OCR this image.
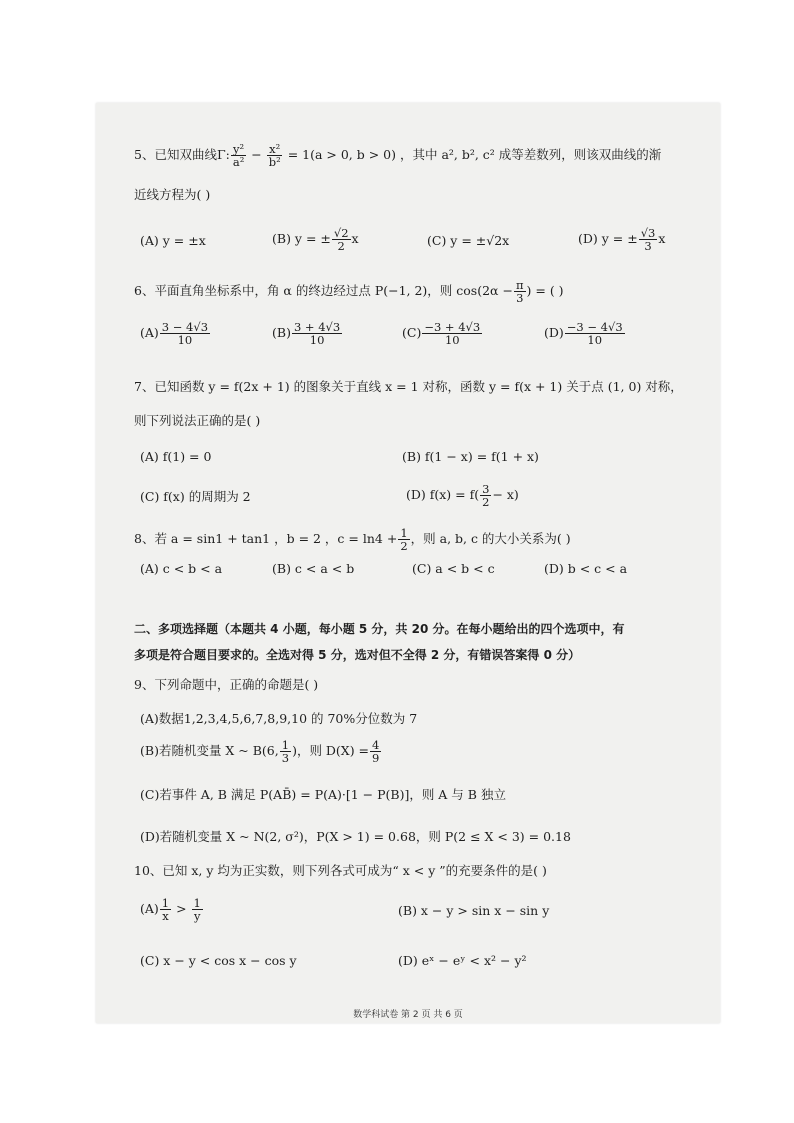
5、已知双曲线Γ: $\frac{\text{y²}}{\text{a²}} - \frac{\text{x²}}{\text{b²}} = 1(a > 0$, b > 0) ，其中 a², b², c² 成等差数列，则该双曲线的渐
近线方程为( )
(A) y = ±x	(B) y = ± $\frac{√2}{2}$ x	(C) y = ±√2x	(D) y = ± $\frac{√3}{3}$ x
6、平面直角坐标系中，角 α 的终边经过点 P(−1, 2)，则 $\cos(2\alpha - \frac{\pi}{3}$ ) = ( )
$(A) \frac{3 - 4√3}{10}$	$(B) \frac{3 + 4√3}{10}$	$(C) \frac{-3 + 4√3}{10}$	$(D) \frac{-3 - 4√3}{10}$
7、已知函数 y = f(2x + 1) 的图象关于直线 x = 1 对称，函数 y = f(x + 1) 关于点 (1, 0) 对称，
则下列说法正确的是( )
(A) f(1) = 0	(B) f(1 − x) = f(1 + x)
(C) f(x) 的周期为 2	(D) $f(x) = f( \frac{3}{2} - x)$
8、若 a = sin1 + tan1 ，b = 2 ，$c = \ln 4 + \frac{1}{2}$ ，则 a, b, c 的大小关系为( )
(A) c < b < a	(B) c < a < b	(C) a < b < c	(D) b < c < a
二、多项选择题（本题共 4 小题，每小题 5 分，共 20 分。在每小题给出的四个选项中，有
多项是符合题目要求的。全选对得 5 分，选对但不全得 2 分，有错误答案得 0 分）
9、下列命题中，正确的命题是( )
(A)数据1,2,3,4,5,6,7,8,9,10 的 70%分位数为 7
(B)若随机变量 X ~ B(6, $\frac{1}{3}$ )，则 $D(X) = \frac{4}{9}$
(C)若事件 A, B 满足 P(AB̄) = P(A)·[1 − P(B)]，则 A 与 B 独立
(D)若随机变量 X ~ N(2, σ²)，P(X > 1) = 0.68，则 P(2 ≤ X < 3) = 0.18
10、已知 x, y 均为正实数，则下列各式可成为“ x < y ”的充要条件的是( )
$(A) \frac{1}{x} > \frac{1}{y}$	(B) x − y > sin x − sin y
(C) x − y < cos x − cos y	(D) eˣ − eʸ < x² − y²
数学科试卷 第 2 页 共 6 页
